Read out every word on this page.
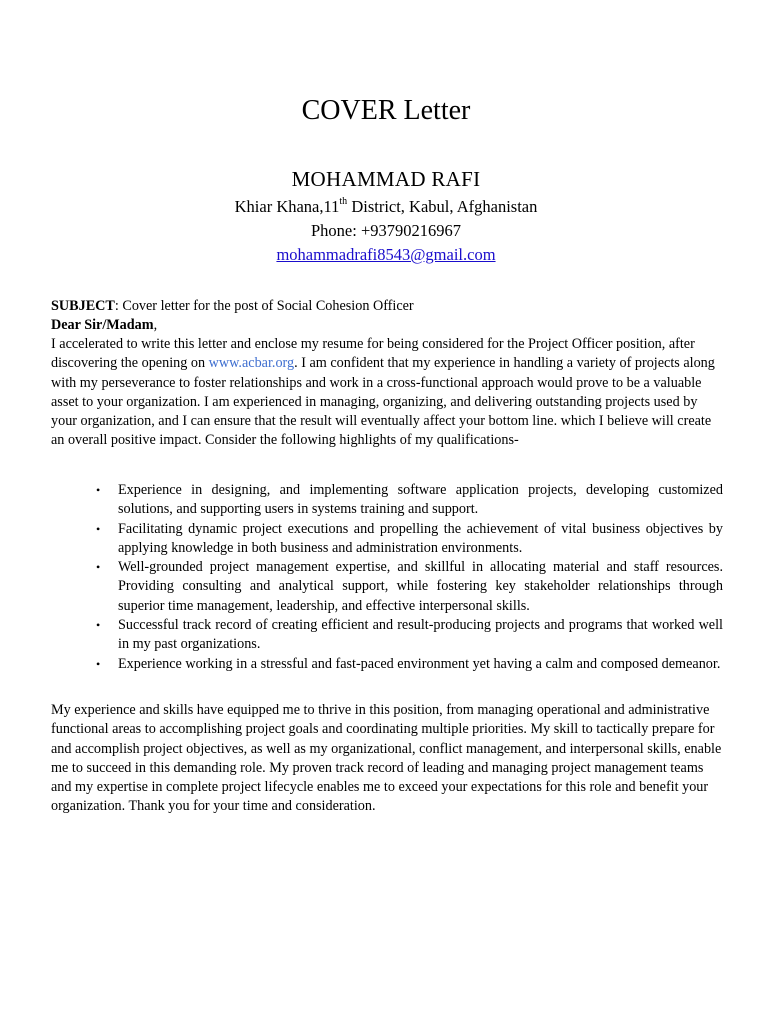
COVER Letter
MOHAMMAD RAFI
Khiar Khana,11th District, Kabul, Afghanistan
Phone: +93790216967
mohammadrafi8543@gmail.com

SUBJECT: Cover letter for the post of Social Cohesion Officer

Dear Sir/Madam,

I accelerated to write this letter and enclose my resume for being considered for the Project Officer position, after discovering the opening on www.acbar.org. I am confident that my experience in handling a variety of projects along with my perseverance to foster relationships and work in a cross-functional approach would prove to be a valuable asset to your organization. I am experienced in managing, organizing, and delivering outstanding projects used by your organization, and I can ensure that the result will eventually affect your bottom line. which I believe will create an overall positive impact. Consider the following highlights of my qualifications-

• Experience in designing, and implementing software application projects, developing customized solutions, and supporting users in systems training and support.
• Facilitating dynamic project executions and propelling the achievement of vital business objectives by applying knowledge in both business and administration environments.
• Well-grounded project management expertise, and skillful in allocating material and staff resources. Providing consulting and analytical support, while fostering key stakeholder relationships through superior time management, leadership, and effective interpersonal skills.
• Successful track record of creating efficient and result-producing projects and programs that worked well in my past organizations.
• Experience working in a stressful and fast-paced environment yet having a calm and composed demeanor.

My experience and skills have equipped me to thrive in this position, from managing operational and administrative functional areas to accomplishing project goals and coordinating multiple priorities. My skill to tactically prepare for and accomplish project objectives, as well as my organizational, conflict management, and interpersonal skills, enable me to succeed in this demanding role. My proven track record of leading and managing project management teams and my expertise in complete project lifecycle enables me to exceed your expectations for this role and benefit your organization. Thank you for your time and consideration.
